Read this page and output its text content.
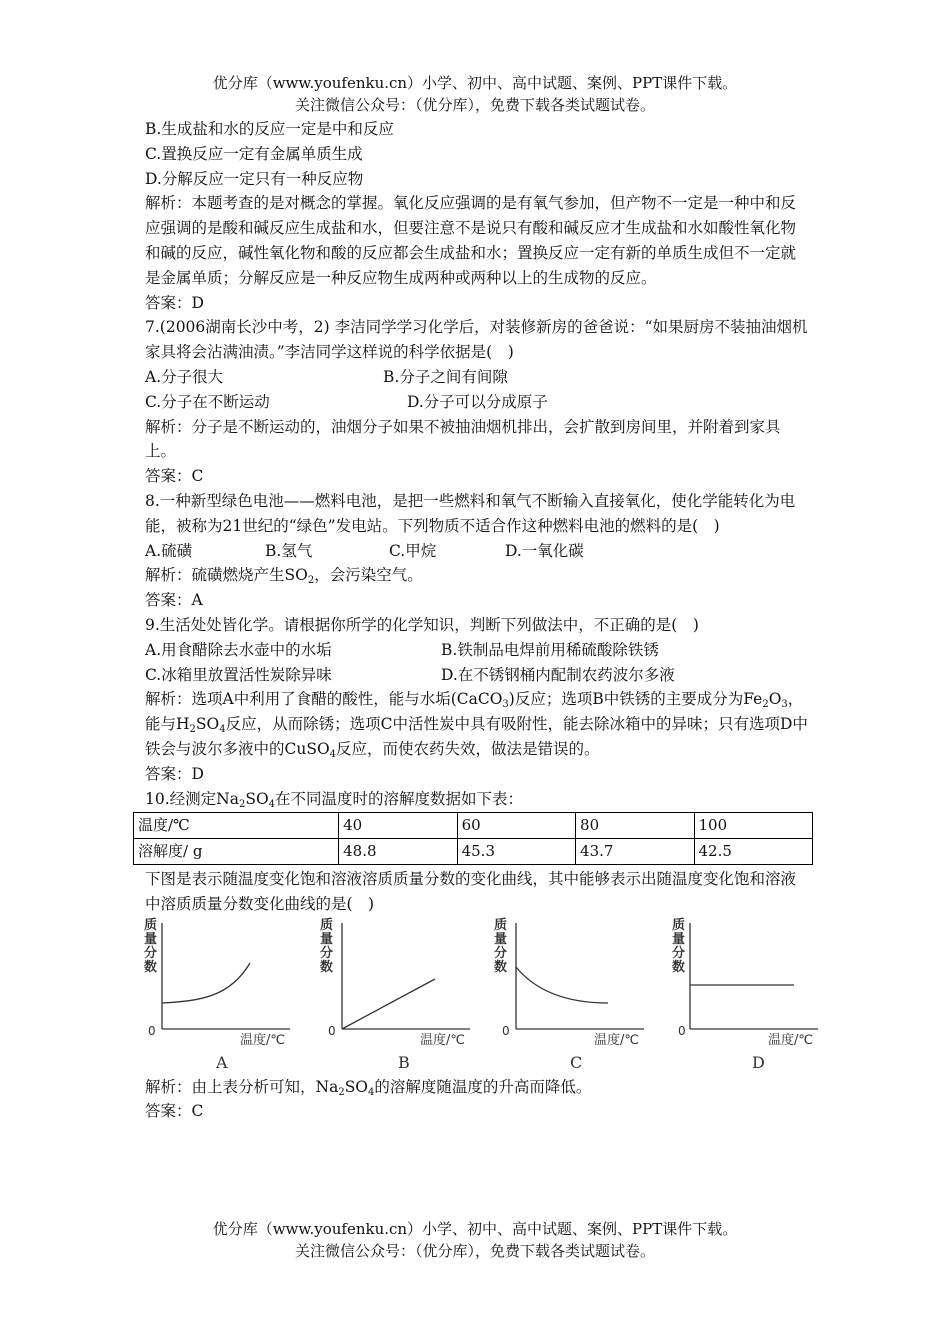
优分库（www.youfenku.cn）小学、初中、高中试题、案例、PPT课件下载。
关注微信公众号：（优分库），免费下载各类试题试卷。

B.生成盐和水的反应一定是中和反应

C.置换反应一定有金属单质生成

D.分解反应一定只有一种反应物

解析：本题考查的是对概念的掌握。氧化反应强调的是有氧气参加，但产物不一定是一种中和反应强调的是酸和碱反应生成盐和水，但要注意不是说只有酸和碱反应才生成盐和水如酸性氧化物和碱的反应，碱性氧化物和酸的反应都会生成盐和水；置换反应一定有新的单质生成但不一定就是金属单质；分解反应是一种反应物生成两种或两种以上的生成物的反应。

答案：D

7.(2006湖南长沙中考，2) 李洁同学学习化学后，对装修新房的爸爸说：“如果厨房不装抽油烟机家具将会沾满油渍。”李洁同学这样说的科学依据是(　)

A.分子很大	B.分子之间有间隙
C.分子在不断运动	D.分子可以分成原子

解析：分子是不断运动的，油烟分子如果不被抽油烟机排出，会扩散到房间里，并附着到家具上。

答案：C

8.一种新型绿色电池——燃料电池，是把一些燃料和氧气不断输入直接氧化，使化学能转化为电能，被称为21世纪的“绿色”发电站。下列物质不适合作这种燃料电池的燃料的是(　)

A.硫磺	B.氢气	C.甲烷	D.一氧化碳

解析：硫磺燃烧产生$SO_2$，会污染空气。

答案：A

9.生活处处皆化学。请根据你所学的化学知识，判断下列做法中，不正确的是(　)

A.用食醋除去水壶中的水垢	B.铁制品电焊前用稀硫酸除铁锈
C.冰箱里放置活性炭除异味	D.在不锈钢桶内配制农药波尔多液

解析：选项A中利用了食醋的酸性，能与水垢(CaCO$_3$)反应；选项B中铁锈的主要成分为$Fe_2O_3$，能与$H_2SO_4$反应，从而除锈；选项C中活性炭中具有吸附性，能去除冰箱中的异味；只有选项D中铁会与波尔多液中的CuSO$_4$反应，而使农药失效，做法是错误的。

答案：D

10.经测定$Na_2SO_4$在不同温度时的溶解度数据如下表：

温度/℃	40	60	80	100
溶解度/ g	48.8	45.3	43.7	42.5

下图是表示随温度变化饱和溶液溶质质量分数的变化曲线，其中能够表示出随温度变化饱和溶液中溶质质量分数变化曲线的是(　)

质量分数
0
温度/℃
A
质量分数
0
温度/℃
B
质量分数
0
温度/℃
C
质量分数
0
温度/℃
D

解析：由上表分析可知，$Na_2SO_4$的溶解度随温度的升高而降低。

答案：C

优分库（www.youfenku.cn）小学、初中、高中试题、案例、PPT课件下载。
关注微信公众号：（优分库），免费下载各类试题试卷。
